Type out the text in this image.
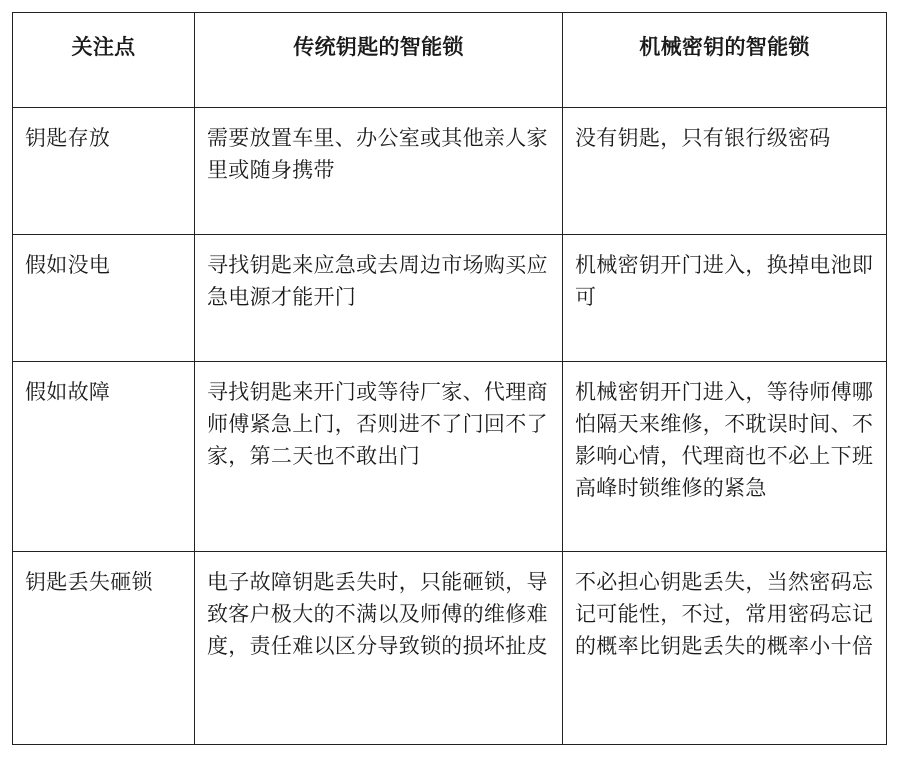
关注点	传统钥匙的智能锁	机械密钥的智能锁
钥匙存放	需要放置车里、办公室或其他亲人家里或随身携带	没有钥匙，只有银行级密码
假如没电	寻找钥匙来应急或去周边市场购买应急电源才能开门	机械密钥开门进入，换掉电池即可
假如故障	寻找钥匙来开门或等待厂家、代理商师傅紧急上门，否则进不了门回不了家，第二天也不敢出门	机械密钥开门进入，等待师傅哪怕隔天来维修，不耽误时间、不影响心情，代理商也不必上下班高峰时锁维修的紧急
钥匙丢失砸锁	电子故障钥匙丢失时，只能砸锁，导致客户极大的不满以及师傅的维修难度，责任难以区分导致锁的损坏扯皮	不必担心钥匙丢失，当然密码忘记可能性，不过，常用密码忘记的概率比钥匙丢失的概率小十倍
